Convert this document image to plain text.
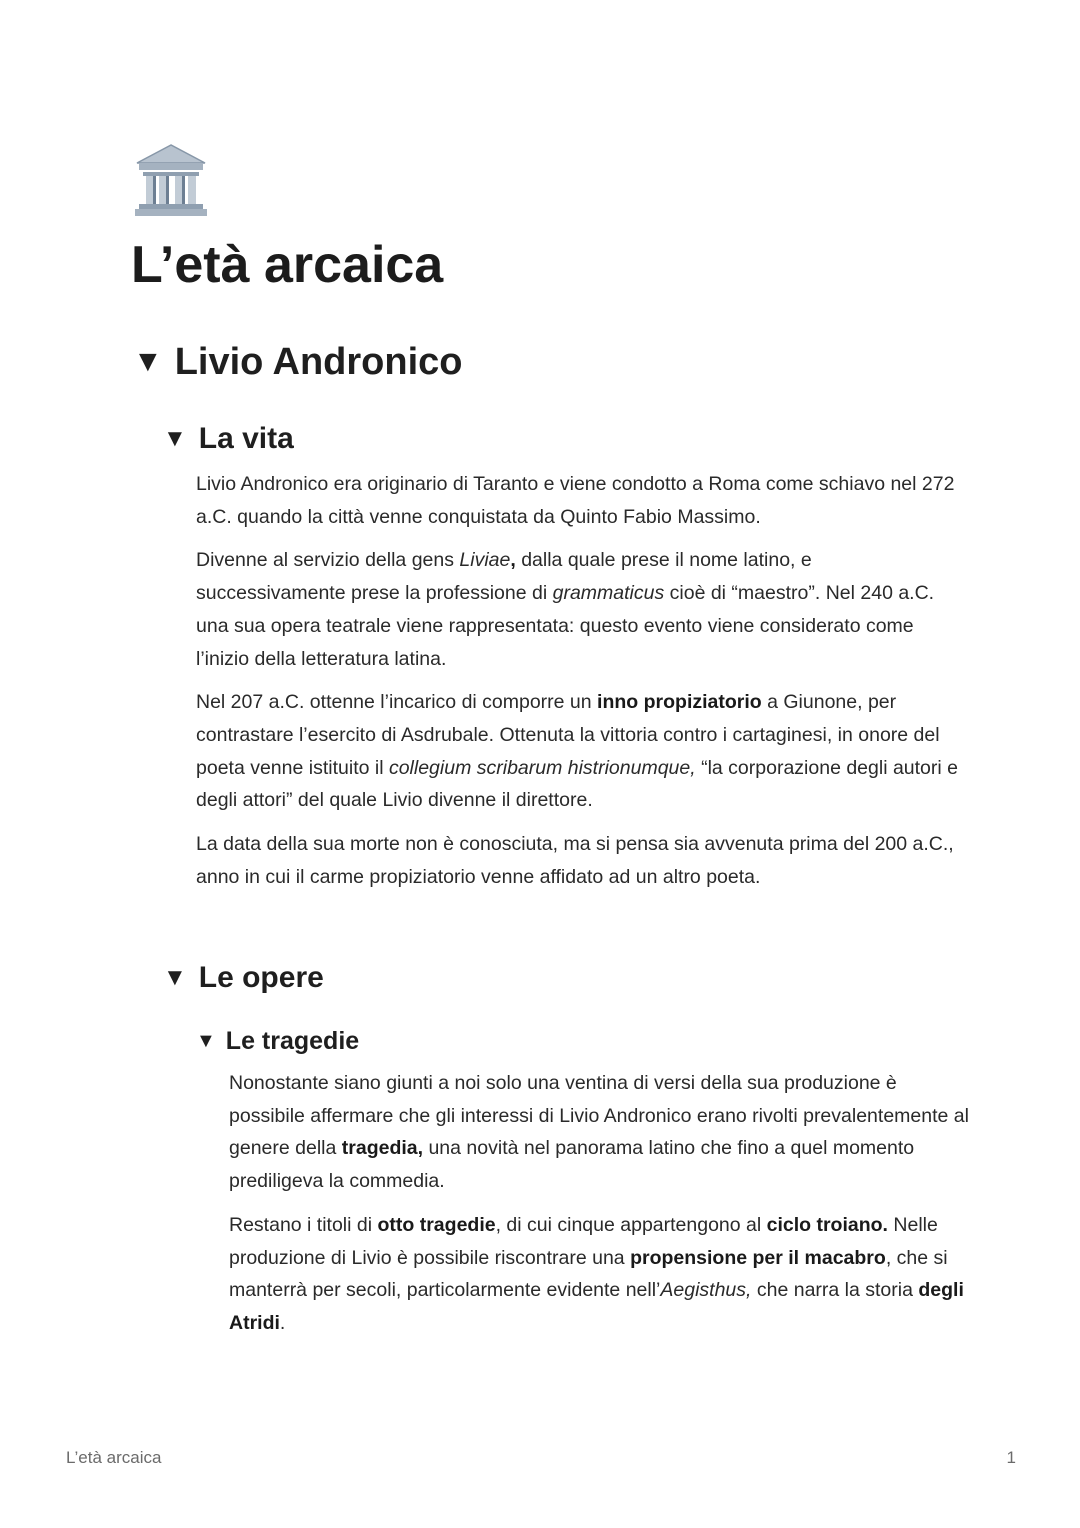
L’età arcaica
▼ Livio Andronico
▼ La vita

Livio Andronico era originario di Taranto e viene condotto a Roma come schiavo nel 272 a.C. quando la città venne conquistata da Quinto Fabio Massimo.

Divenne al servizio della gens Liviae, dalla quale prese il nome latino, e successivamente prese la professione di grammaticus cioè di “maestro”. Nel 240 a.C. una sua opera teatrale viene rappresentata: questo evento viene considerato come l’inizio della letteratura latina.

Nel 207 a.C. ottenne l’incarico di comporre un inno propiziatorio a Giunone, per contrastare l’esercito di Asdrubale. Ottenuta la vittoria contro i cartaginesi, in onore del poeta venne istituito il collegium scribarum histrionumque, “la corporazione degli autori e degli attori” del quale Livio divenne il direttore.

La data della sua morte non è conosciuta, ma si pensa sia avvenuta prima del 200 a.C., anno in cui il carme propiziatorio venne affidato ad un altro poeta.

▼ Le opere
▼ Le tragedie

Nonostante siano giunti a noi solo una ventina di versi della sua produzione è possibile affermare che gli interessi di Livio Andronico erano rivolti prevalentemente al genere della tragedia, una novità nel panorama latino che fino a quel momento prediligeva la commedia.

Restano i titoli di otto tragedie, di cui cinque appartengono al ciclo troiano. Nelle produzione di Livio è possibile riscontrare una propensione per il macabro, che si manterrà per secoli, particolarmente evidente nell’Aegisthus, che narra la storia degli Atridi.

L’età arcaica	1
